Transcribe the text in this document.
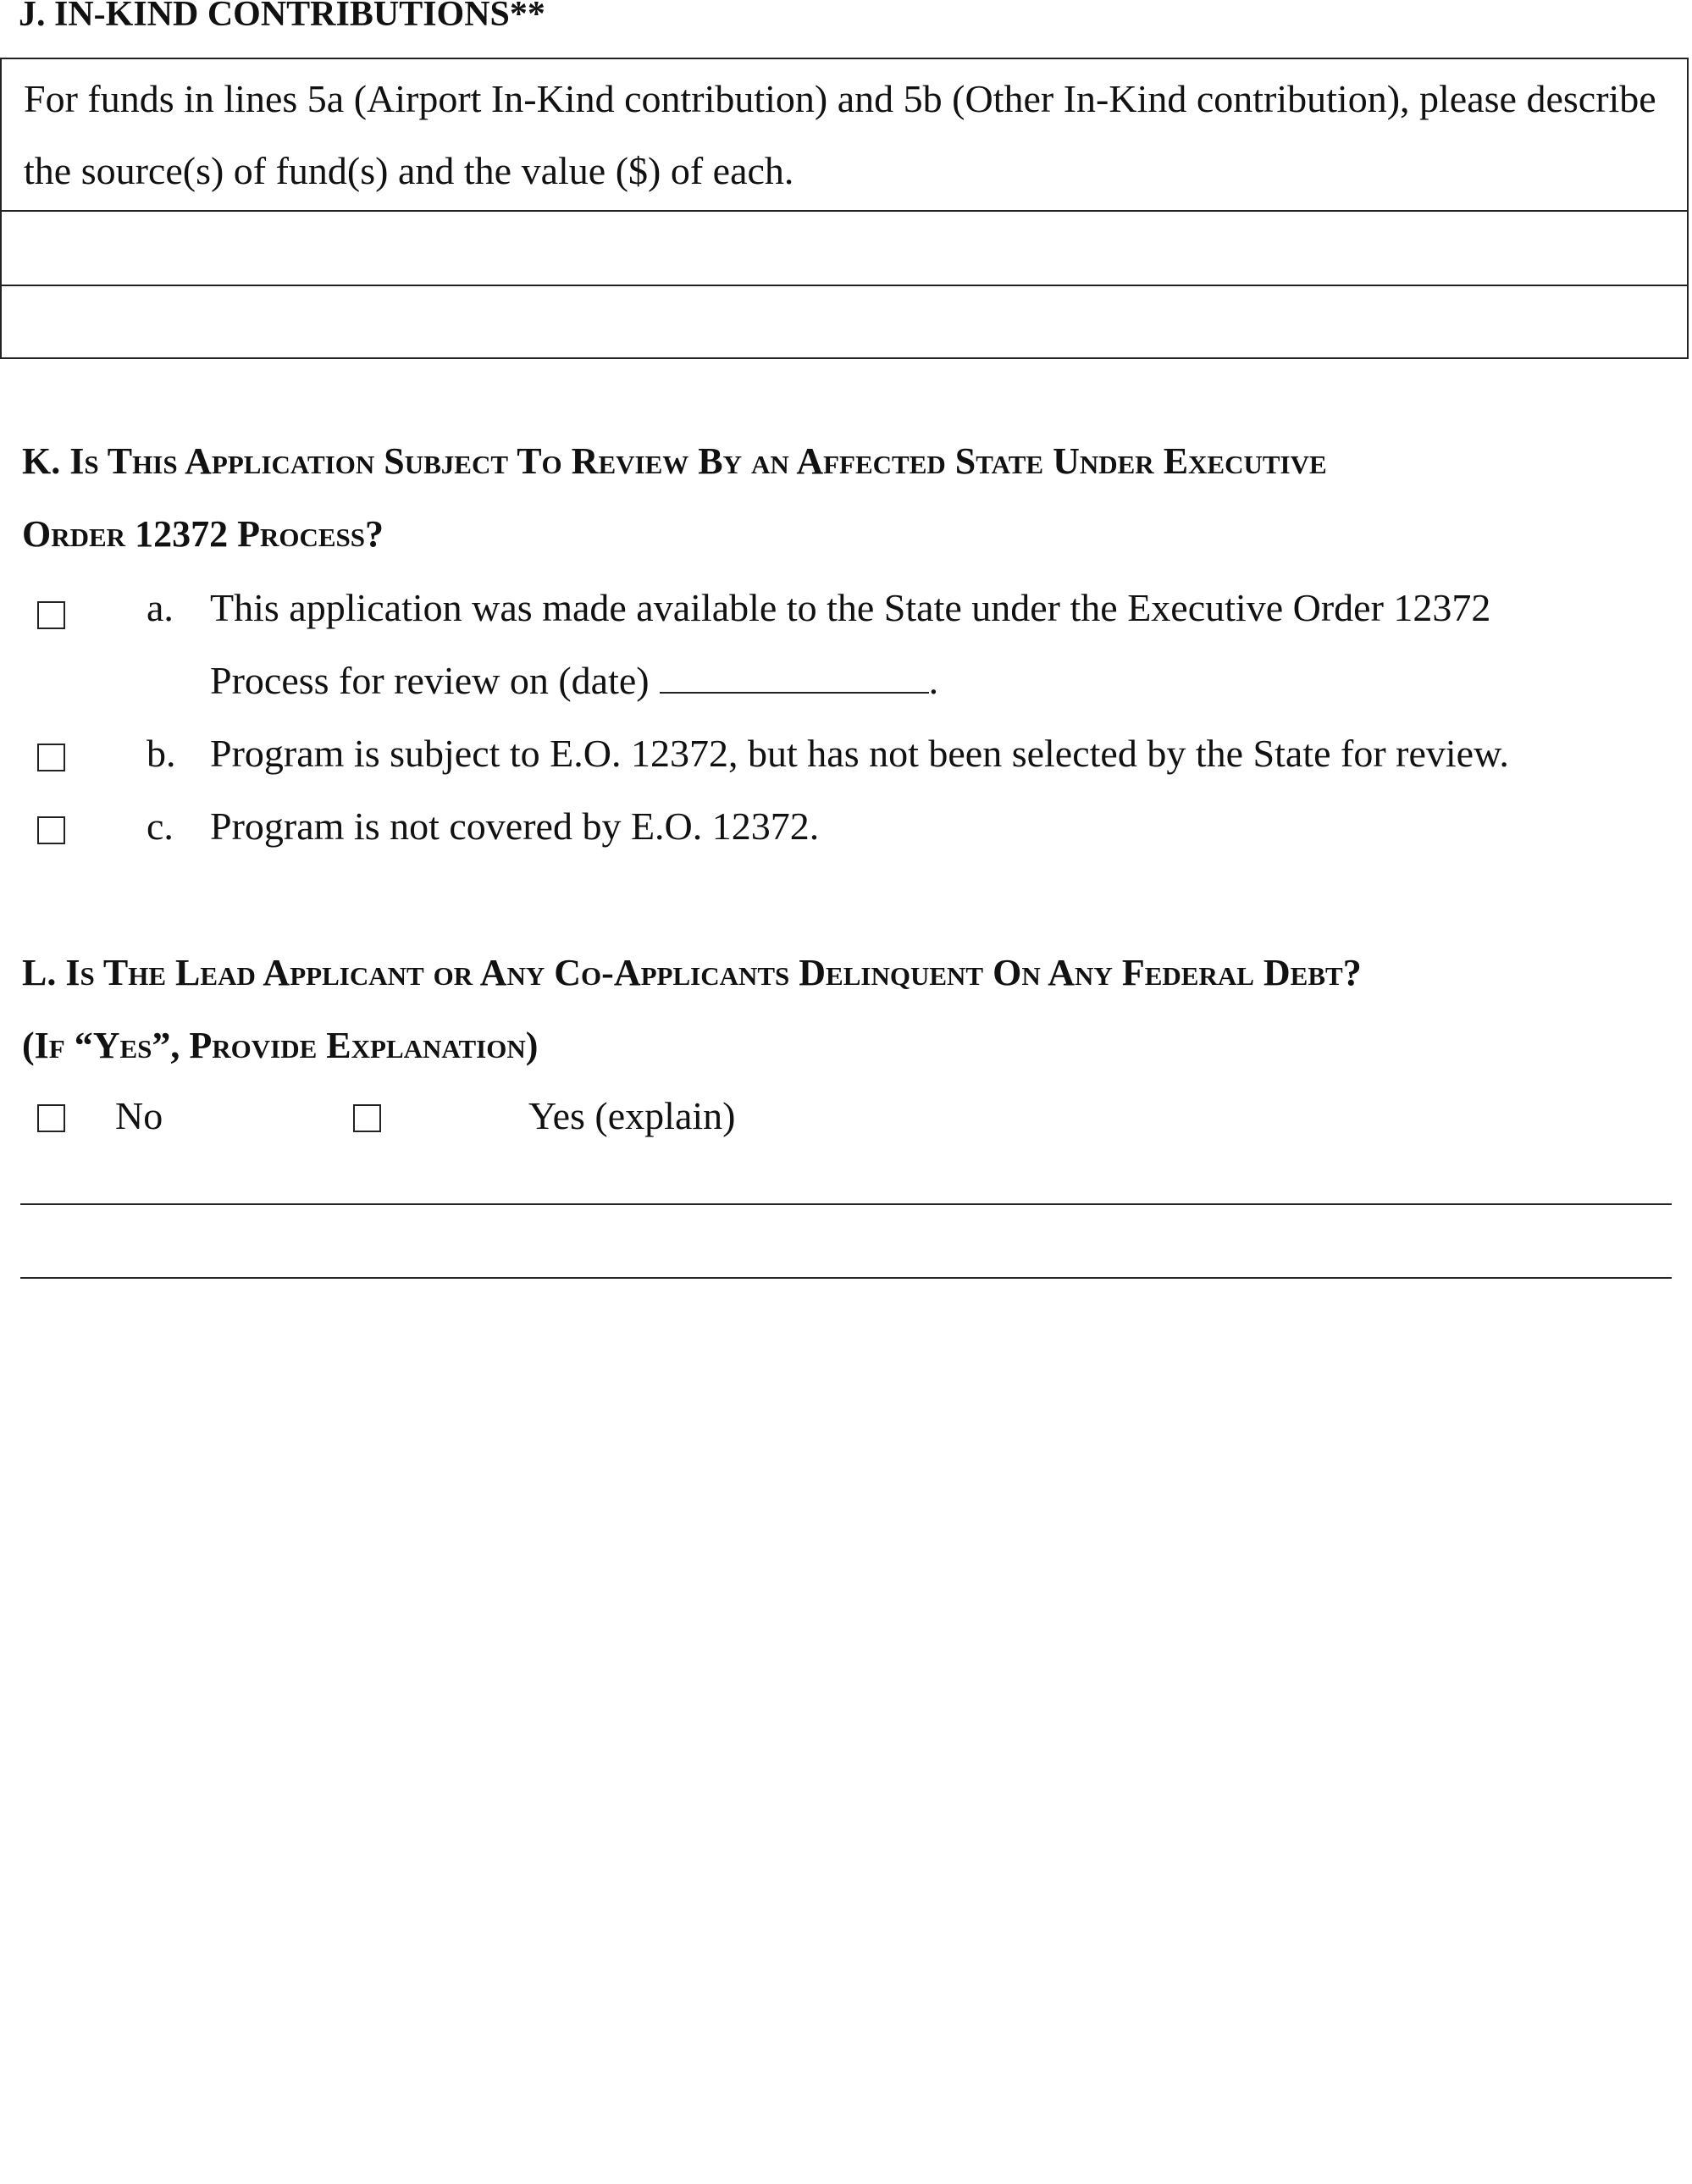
J. IN-KIND CONTRIBUTIONS**
For funds in lines 5a (Airport In-Kind contribution) and 5b (Other In-Kind contribution), please describe the source(s) of fund(s) and the value ($) of each.
K. Is This Application Subject To Review By an Affected State Under Executive
Order 12372 Process?
a. This application was made available to the State under the Executive Order 12372
Process for review on (date)	.
b. Program is subject to E.O. 12372, but has not been selected by the State for review.
c. Program is not covered by E.O. 12372.
L. Is The Lead Applicant or Any Co-Applicants Delinquent On Any Federal Debt?
(If “Yes”, Provide Explanation)
No	Yes (explain)
